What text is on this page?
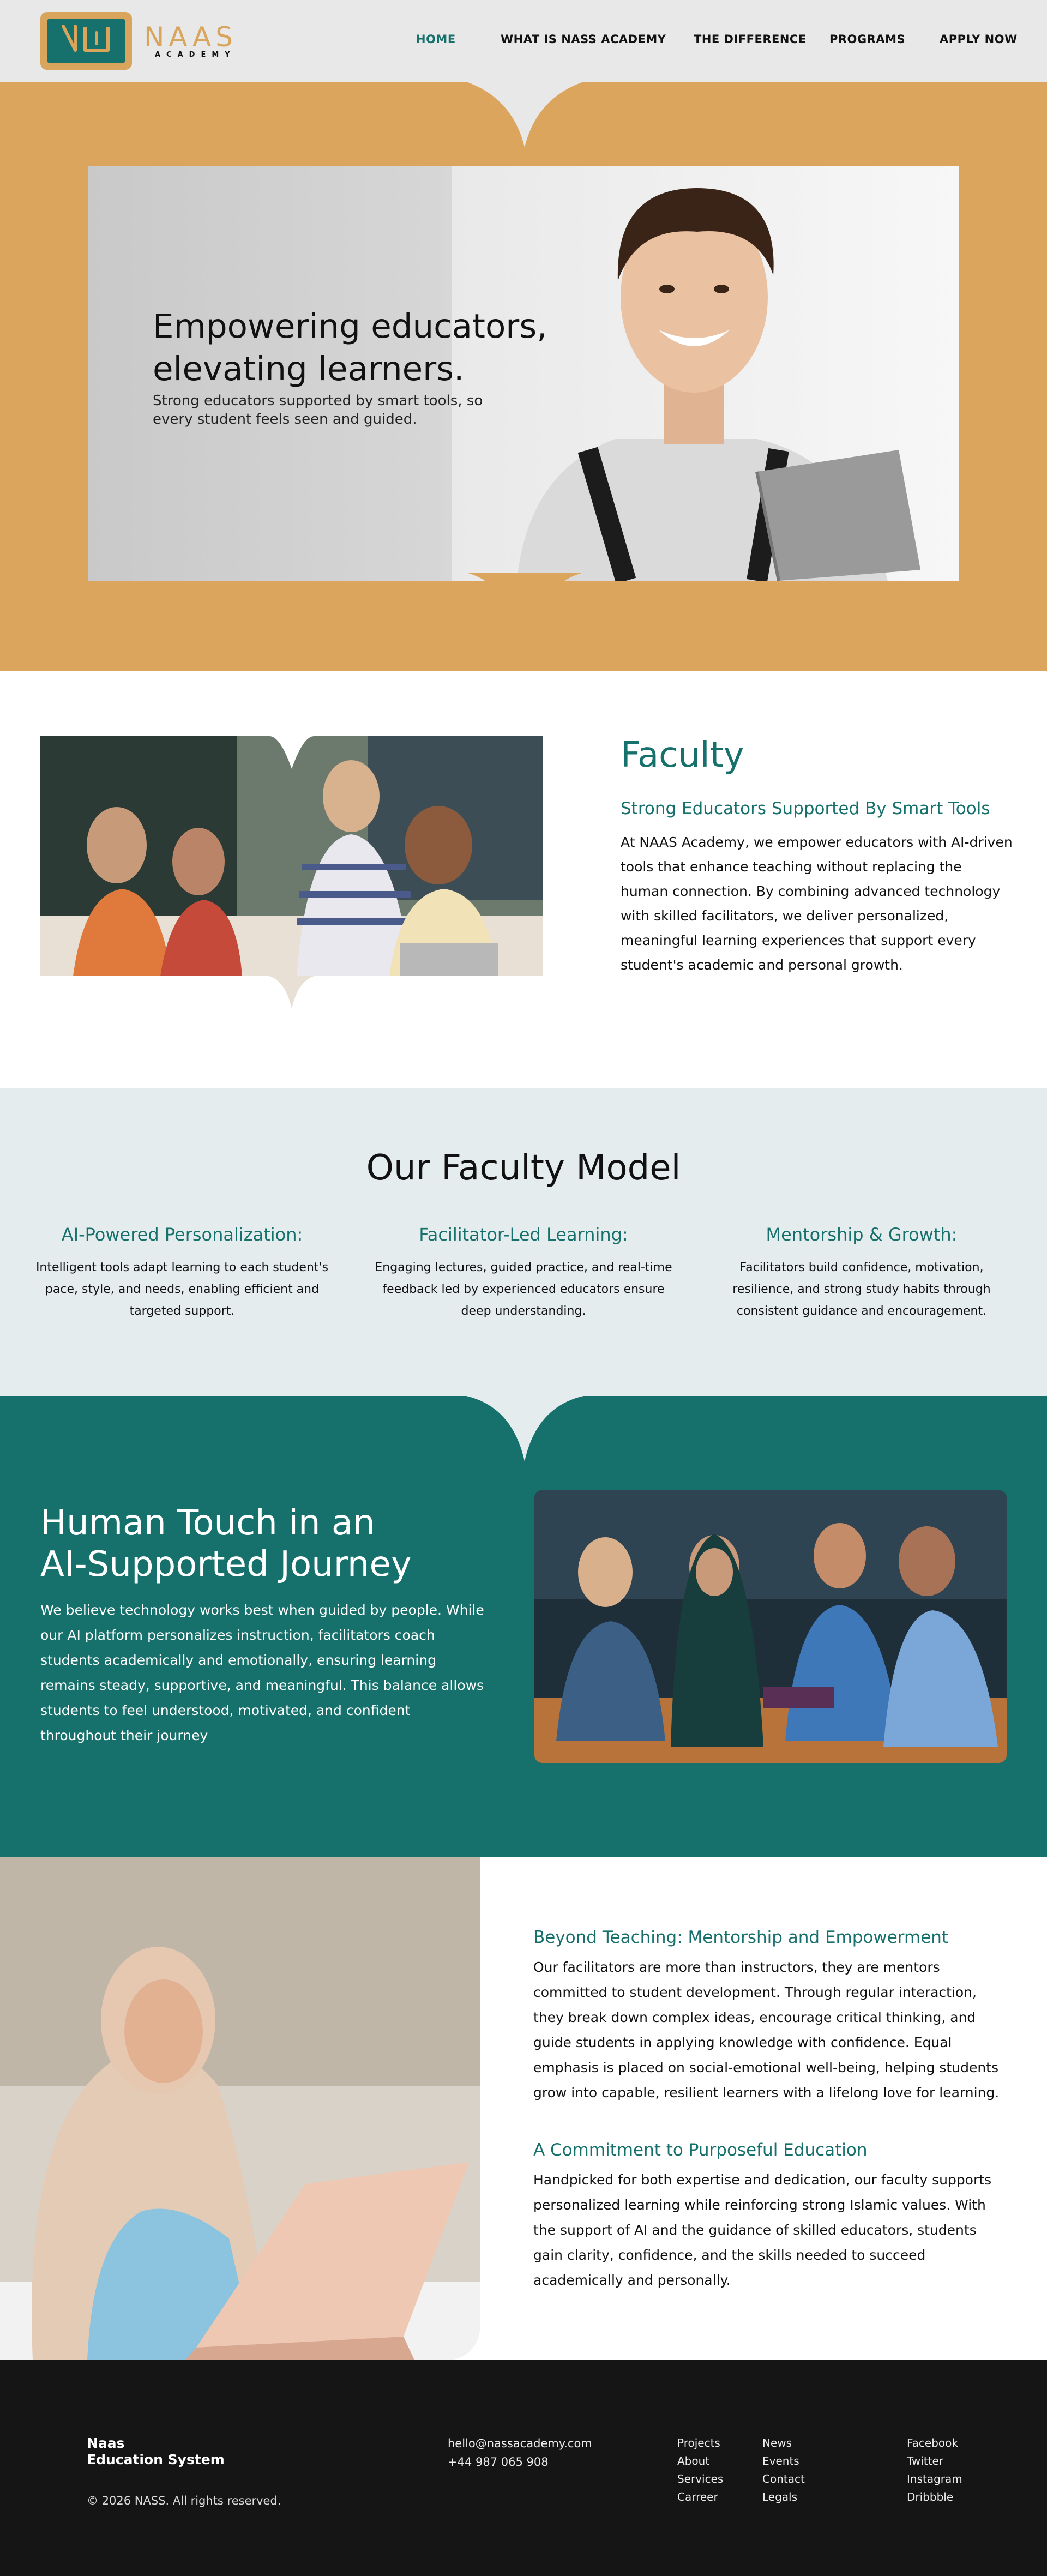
NAAS
ACADEMY
HOME	WHAT IS NASS ACADEMY THE DIFFERENCE PROGRAMS	APPLY NOW
Empowering educators, elevating learners.
Strong educators supported by smart tools, so every student feels seen and guided.
Faculty
Strong Educators Supported By Smart Tools
At NAAS Academy, we empower educators with AI-driven tools that enhance teaching without replacing the human connection. By combining advanced technology with skilled facilitators, we deliver personalized, meaningful learning experiences that support every student's academic and personal growth.
Our Faculty Model
AI-Powered Personalization:

Intelligent tools adapt learning to each student's pace, style, and needs, enabling efficient and targeted support.

Facilitator-Led Learning:

Engaging lectures, guided practice, and real-time feedback led by experienced educators ensure deep understanding.

Mentorship & Growth:

Facilitators build confidence, motivation, resilience, and strong study habits through consistent guidance and encouragement.

Human Touch in an
AI-Supported Journey
We believe technology works best when guided by people. While our AI platform personalizes instruction, facilitators coach students academically and emotionally, ensuring learning remains steady, supportive, and meaningful. This balance allows students to feel understood, motivated, and confident throughout their journey
Beyond Teaching: Mentorship and Empowerment
Our facilitators are more than instructors, they are mentors committed to student development. Through regular interaction, they break down complex ideas, encourage critical thinking, and guide students in applying knowledge with confidence. Equal emphasis is placed on social-emotional well-being, helping students grow into capable, resilient learners with a lifelong love for learning.
A Commitment to Purposeful Education
Handpicked for both expertise and dedication, our faculty supports personalized learning while reinforcing strong Islamic values. With the support of AI and the guidance of skilled educators, students gain clarity, confidence, and the skills needed to succeed academically and personally.
Naas
Education System
© 2026 NASS. All rights reserved.
hello@nassacademy.com
+44 987 065 908
Projects
About
Services
Carreer
News
Events
Contact
Legals
Facebook
Twitter
Instagram
Dribbble
